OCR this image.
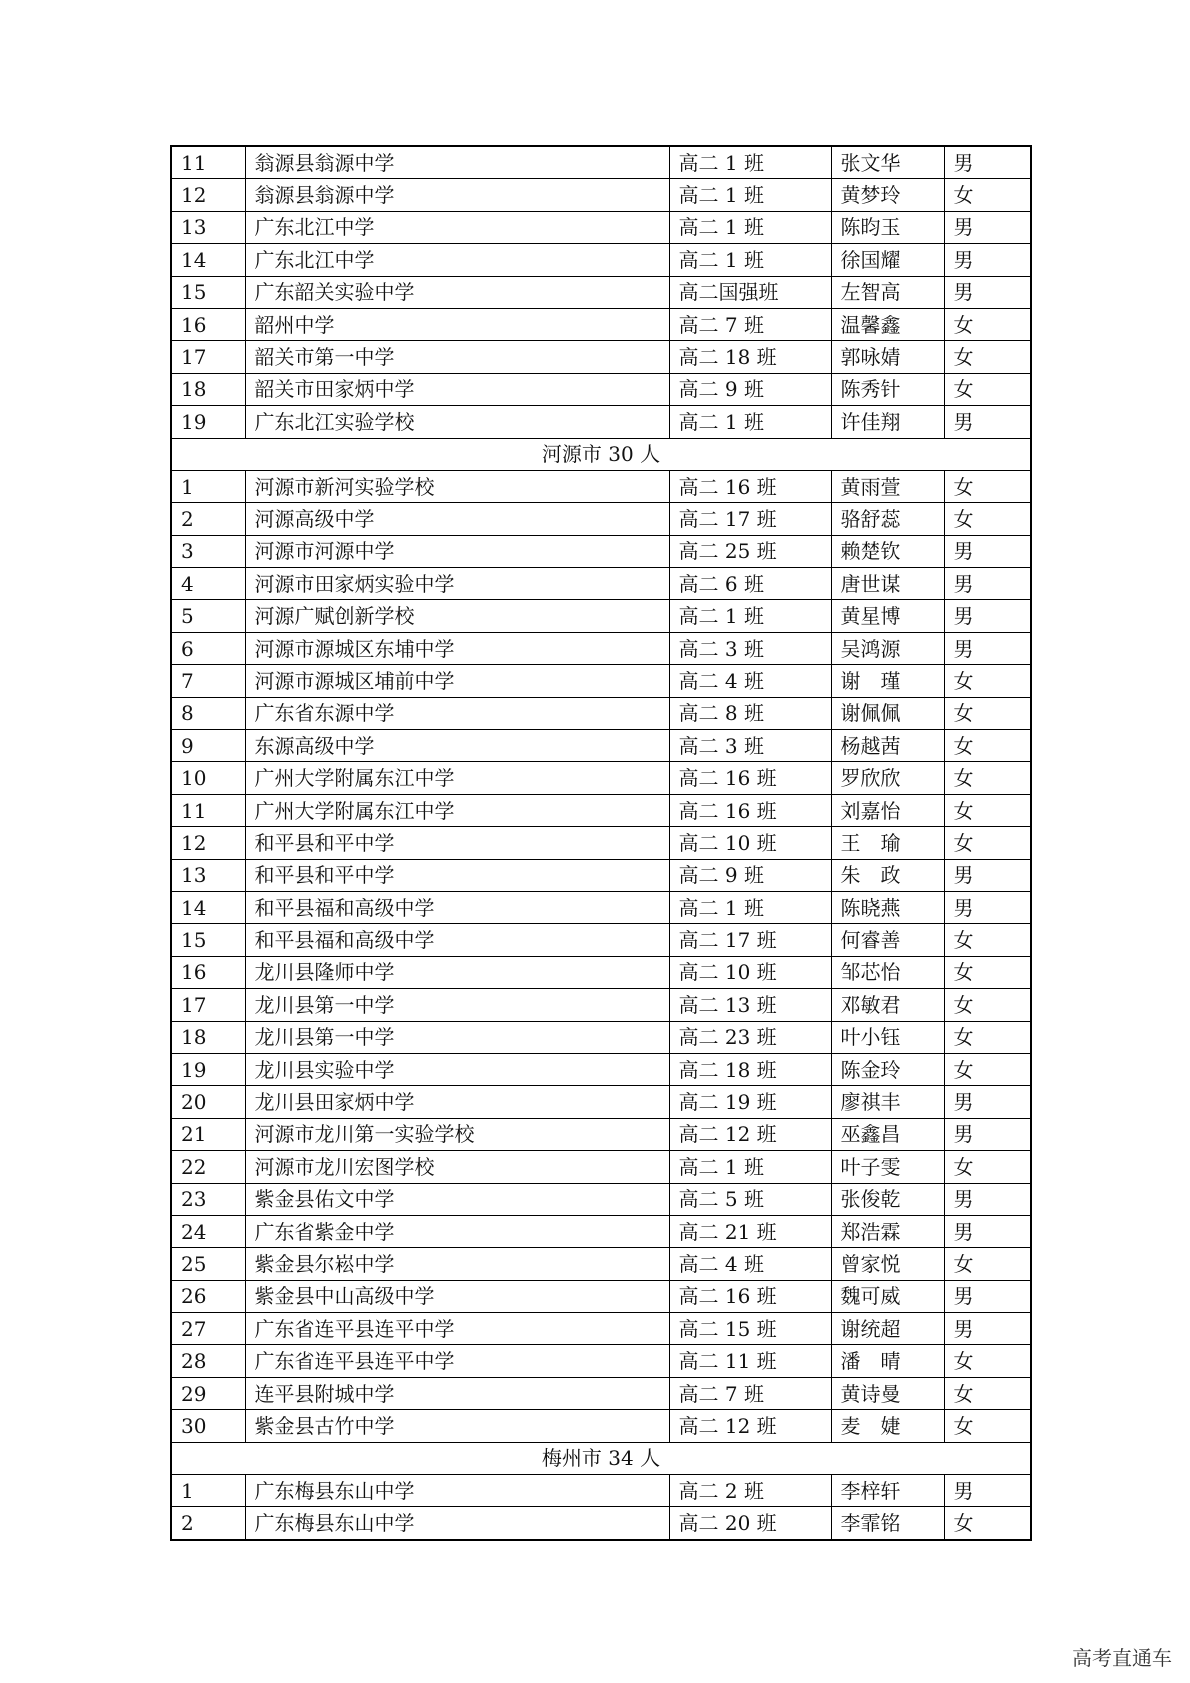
11	翁源县翁源中学	高二 1 班	张文华	男
12	翁源县翁源中学	高二 1 班	黄梦玲	女
13	广东北江中学	高二 1 班	陈昀玉	男
14	广东北江中学	高二 1 班	徐国耀	男
15	广东韶关实验中学	高二国强班	左智高	男
16	韶州中学	高二 7 班	温馨鑫	女
17	韶关市第一中学	高二 18 班	郭咏婧	女
18	韶关市田家炳中学	高二 9 班	陈秀针	女
19	广东北江实验学校	高二 1 班	许佳翔	男
河源市 30 人				
1	河源市新河实验学校	高二 16 班	黄雨萱	女
2	河源高级中学	高二 17 班	骆舒蕊	女
3	河源市河源中学	高二 25 班	赖楚钦	男
4	河源市田家炳实验中学	高二 6 班	唐世谋	男
5	河源广赋创新学校	高二 1 班	黄星博	男
6	河源市源城区东埔中学	高二 3 班	吴鸿源	男
7	河源市源城区埔前中学	高二 4 班	谢　瑾	女
8	广东省东源中学	高二 8 班	谢佩佩	女
9	东源高级中学	高二 3 班	杨越茜	女
10	广州大学附属东江中学	高二 16 班	罗欣欣	女
11	广州大学附属东江中学	高二 16 班	刘嘉怡	女
12	和平县和平中学	高二 10 班	王　瑜	女
13	和平县和平中学	高二 9 班	朱　政	男
14	和平县福和高级中学	高二 1 班	陈晓燕	男
15	和平县福和高级中学	高二 17 班	何睿善	女
16	龙川县隆师中学	高二 10 班	邹芯怡	女
17	龙川县第一中学	高二 13 班	邓敏君	女
18	龙川县第一中学	高二 23 班	叶小钰	女
19	龙川县实验中学	高二 18 班	陈金玲	女
20	龙川县田家炳中学	高二 19 班	廖祺丰	男
21	河源市龙川第一实验学校	高二 12 班	巫鑫昌	男
22	河源市龙川宏图学校	高二 1 班	叶子雯	女
23	紫金县佑文中学	高二 5 班	张俊乾	男
24	广东省紫金中学	高二 21 班	郑浩霖	男
25	紫金县尔崧中学	高二 4 班	曾家悦	女
26	紫金县中山高级中学	高二 16 班	魏可威	男
27	广东省连平县连平中学	高二 15 班	谢统超	男
28	广东省连平县连平中学	高二 11 班	潘　晴	女
29	连平县附城中学	高二 7 班	黄诗曼	女
30	紫金县古竹中学	高二 12 班	麦　婕	女
梅州市 34 人				
1	广东梅县东山中学	高二 2 班	李梓轩	男
2	广东梅县东山中学	高二 20 班	李霏铭	女
高考直通车
